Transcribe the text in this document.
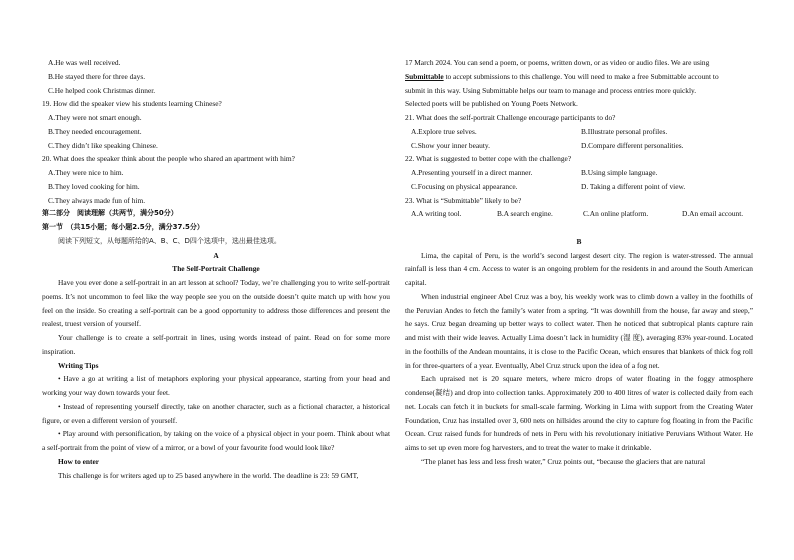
A.He was well received.
B.He stayed there for three days.
C.He helped cook Christmas dinner.
19. How did the speaker view his students learning Chinese?
A.They were not smart enough.
B.They needed encouragement.
C.They didn’t like speaking Chinese.
20. What does the speaker think about the people who shared an apartment with him?
A.They were nice to him.
B.They loved cooking for him.
C.They always made fun of him.
第二部分　阅读理解（共两节，满分50分）
第一节　（共15小题；每小题2.5分，满分37.5分）
阅读下列短文，从每题所给的A、B、C、D四个选项中，选出最佳选项。
A
The Self-Portrait Challenge
Have you ever done a self-portrait in an art lesson at school? Today, we’re challenging you to write self-portrait poems. It’s not uncommon to feel like the way people see you on the outside doesn’t quite match up with how you feel on the inside. So creating a self-portrait can be a good opportunity to address those differences and present the realest, truest version of yourself.
Your challenge is to create a self-portrait in lines, using words instead of paint. Read on for some more inspiration.
Writing Tips
• Have a go at writing a list of metaphors exploring your physical appearance, starting from your head and working your way down towards your feet.
• Instead of representing yourself directly, take on another character, such as a fictional character, a historical figure, or even a different version of yourself.
• Play around with personification, by taking on the voice of a physical object in your poem. Think about what a self-portrait from the point of view of a mirror, or a bowl of your favourite food would look like?
How to enter
This challenge is for writers aged up to 25 based anywhere in the world. The deadline is 23: 59 GMT,
17 March 2024. You can send a poem, or poems, written down, or as video or audio files. We are using
Submittable to accept submissions to this challenge. You will need to make a free Submittable account to
submit in this way. Using Submittable helps our team to manage and process entries more quickly.
Selected poets will be published on Young Poets Network.
21. What does the self-portrait Challenge encourage participants to do?
A.Explore true selves.	B.Illustrate personal profiles.
C.Show your inner beauty.	D.Compare different personalities.
22. What is suggested to better cope with the challenge?
A.Presenting yourself in a direct manner.	B.Using simple language.
C.Focusing on physical appearance.	D. Taking a different point of view.
23. What is “Submittable” likely to be?
A.A writing tool.	B.A search engine.	C.An online platform.	D.An email account.

B
Lima, the capital of Peru, is the world’s second largest desert city. The region is water-stressed. The annual rainfall is less than 4 cm. Access to water is an ongoing problem for the residents in and around the South American capital.
When industrial engineer Abel Cruz was a boy, his weekly work was to climb down a valley in the foothills of the Peruvian Andes to fetch the family’s water from a spring. “It was downhill from the house, far away and steep,” he says. Cruz began dreaming up better ways to collect water. Then he noticed that subtropical plants capture rain and mist with their wide leaves. Actually Lima doesn’t lack in humidity (湿 度), averaging 83% year-round. Located in the foothills of the Andean mountains, it is close to the Pacific Ocean, which ensures that blankets of thick fog roll in for three-quarters of a year. Eventually, Abel Cruz struck upon the idea of a fog net.
Each upraised net is 20 square meters, where micro drops of water floating in the foggy atmosphere condense(凝结) and drop into collection tanks. Approximately 200 to 400 litres of water is collected daily from each net. Locals can fetch it in buckets for small-scale farming. Working in Lima with support from the Creating Water Foundation, Cruz has installed over 3, 600 nets on hillsides around the city to capture fog floating in from the Pacific Ocean. Cruz raised funds for hundreds of nets in Peru with his revolutionary initiative Peruvians Without Water. He aims to set up even more fog harvesters, and to treat the water to make it drinkable.
“The planet has less and less fresh water,” Cruz points out, “because the glaciers that are natural
